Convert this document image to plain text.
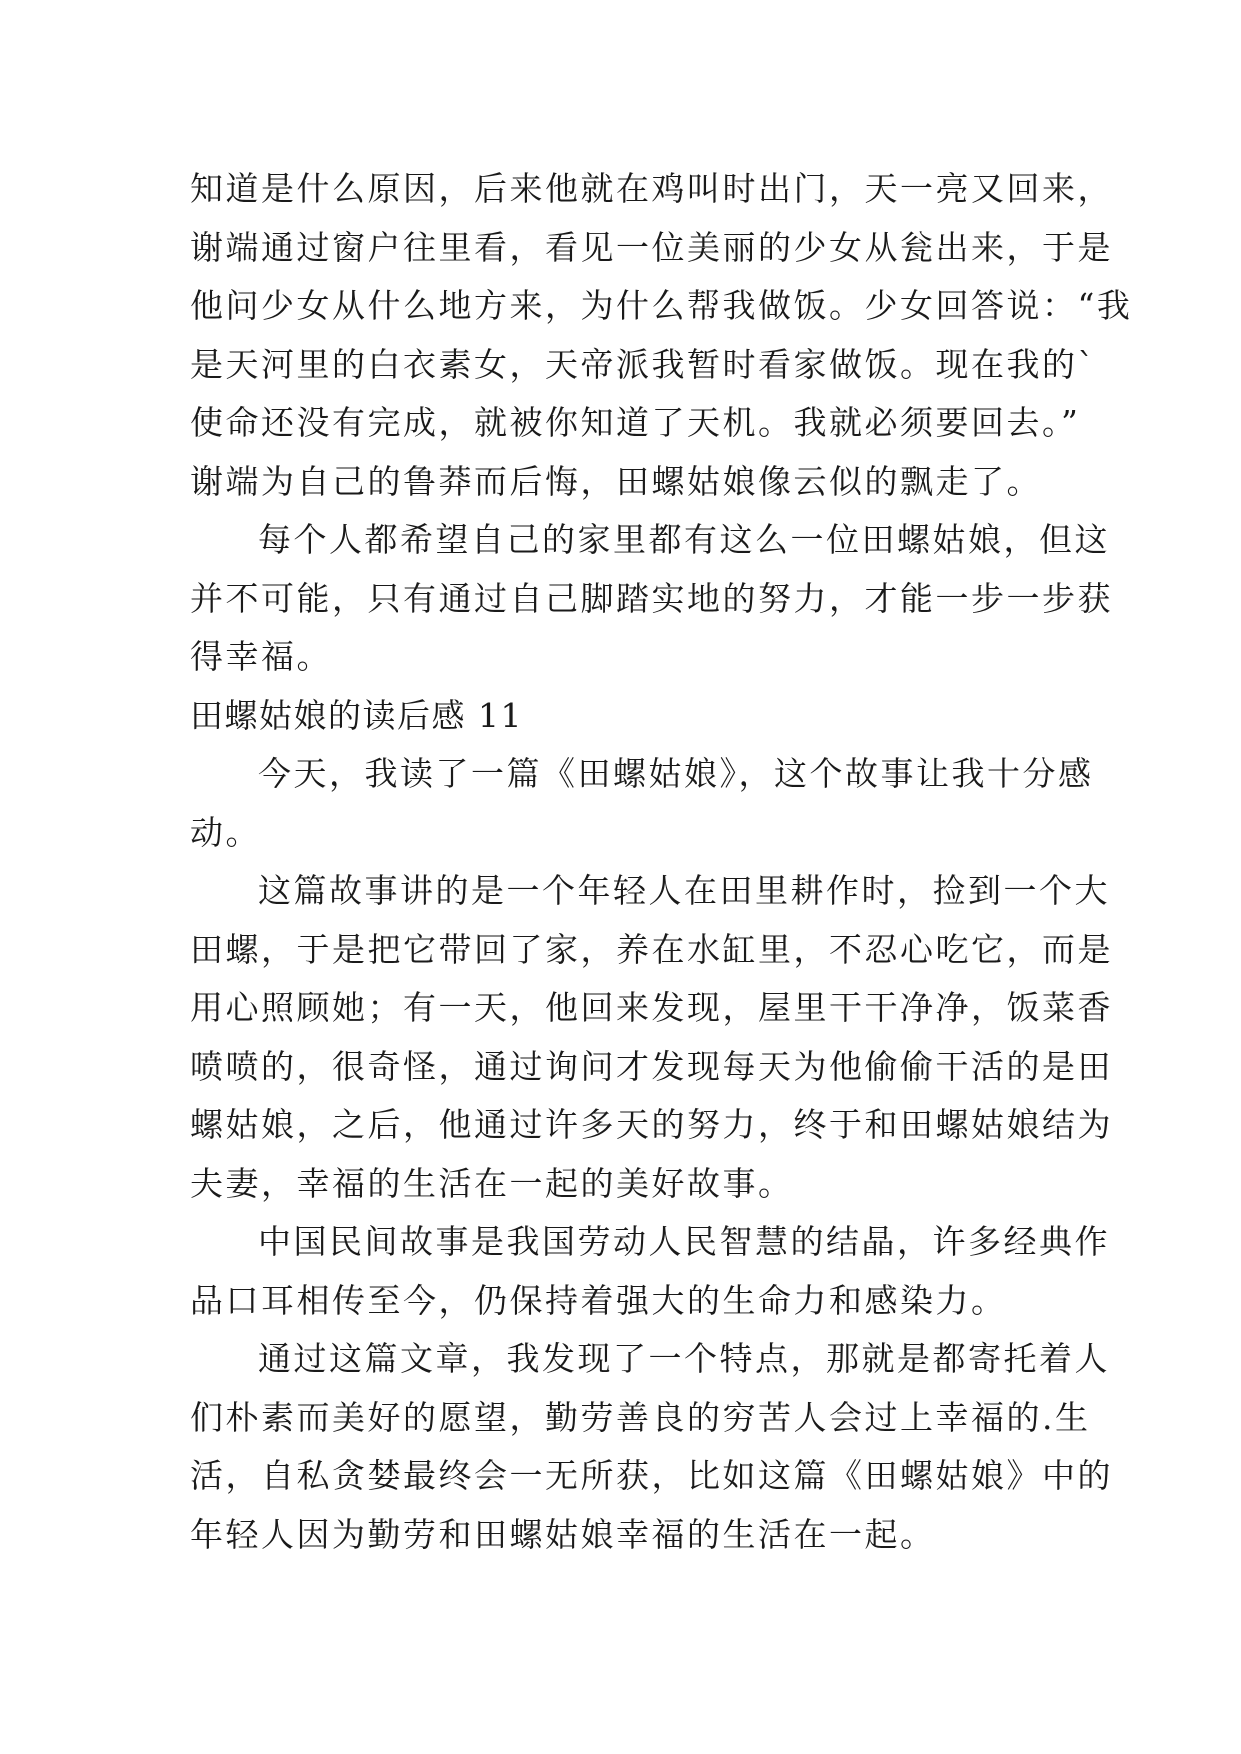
知道是什么原因，后来他就在鸡叫时出门，天一亮又回来，
谢端通过窗户往里看，看见一位美丽的少女从瓮出来，于是
他问少女从什么地方来，为什么帮我做饭。少女回答说：“我
是天河里的白衣素女，天帝派我暂时看家做饭。现在我的`
使命还没有完成，就被你知道了天机。我就必须要回去。”
谢端为自己的鲁莽而后悔，田螺姑娘像云似的飘走了。
每个人都希望自己的家里都有这么一位田螺姑娘，但这
并不可能，只有通过自己脚踏实地的努力，才能一步一步获
得幸福。
田螺姑娘的读后感 11
今天，我读了一篇《田螺姑娘》，这个故事让我十分感
动。
这篇故事讲的是一个年轻人在田里耕作时，捡到一个大
田螺，于是把它带回了家，养在水缸里，不忍心吃它，而是
用心照顾她；有一天，他回来发现，屋里干干净净，饭菜香
喷喷的，很奇怪，通过询问才发现每天为他偷偷干活的是田
螺姑娘，之后，他通过许多天的努力，终于和田螺姑娘结为
夫妻，幸福的生活在一起的美好故事。
中国民间故事是我国劳动人民智慧的结晶，许多经典作
品口耳相传至今，仍保持着强大的生命力和感染力。
通过这篇文章，我发现了一个特点，那就是都寄托着人
们朴素而美好的愿望，勤劳善良的穷苦人会过上幸福的.生
活，自私贪婪最终会一无所获，比如这篇《田螺姑娘》中的
年轻人因为勤劳和田螺姑娘幸福的生活在一起。
